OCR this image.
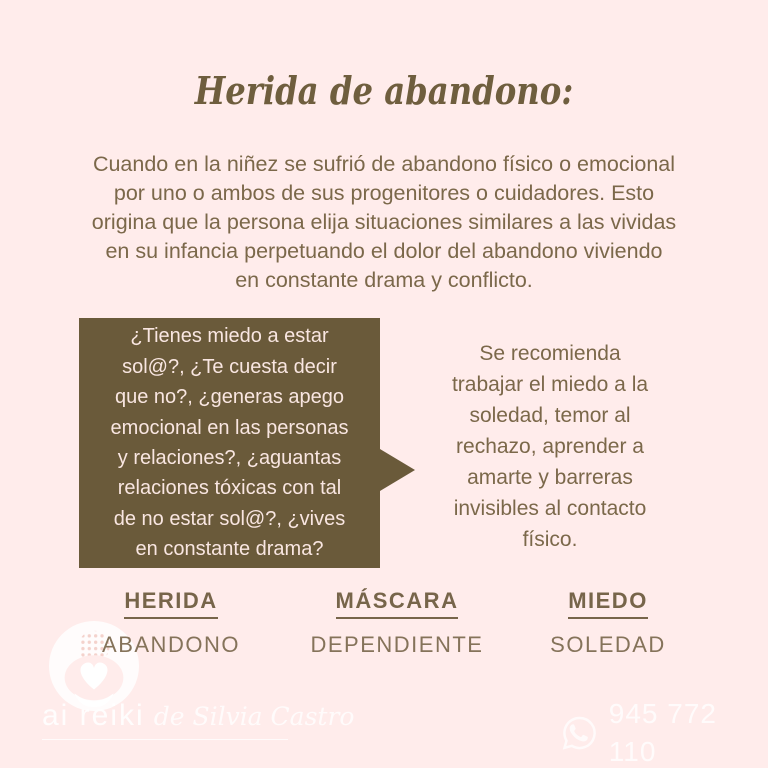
Herida de abandono:
Cuando en la niñez se sufrió de abandono físico o emocional
por uno o ambos de sus progenitores o cuidadores. Esto
origina que la persona elija situaciones similares a las vividas
en su infancia perpetuando el dolor del abandono viviendo
en constante drama y conflicto.
¿Tienes miedo a estar
sol@?, ¿Te cuesta decir
que no?, ¿generas apego
emocional en las personas
y relaciones?, ¿aguantas
relaciones tóxicas con tal
de no estar sol@?, ¿vives
en constante drama?
Se recomienda
trabajar el miedo a la
soledad, temor al
rechazo, aprender a
amarte y barreras
invisibles al contacto
físico.
HERIDA
ABANDONO
MÁSCARA
DEPENDIENTE
MIEDO
SOLEDAD
ai reiki de Silvia Castro	945 772 110
